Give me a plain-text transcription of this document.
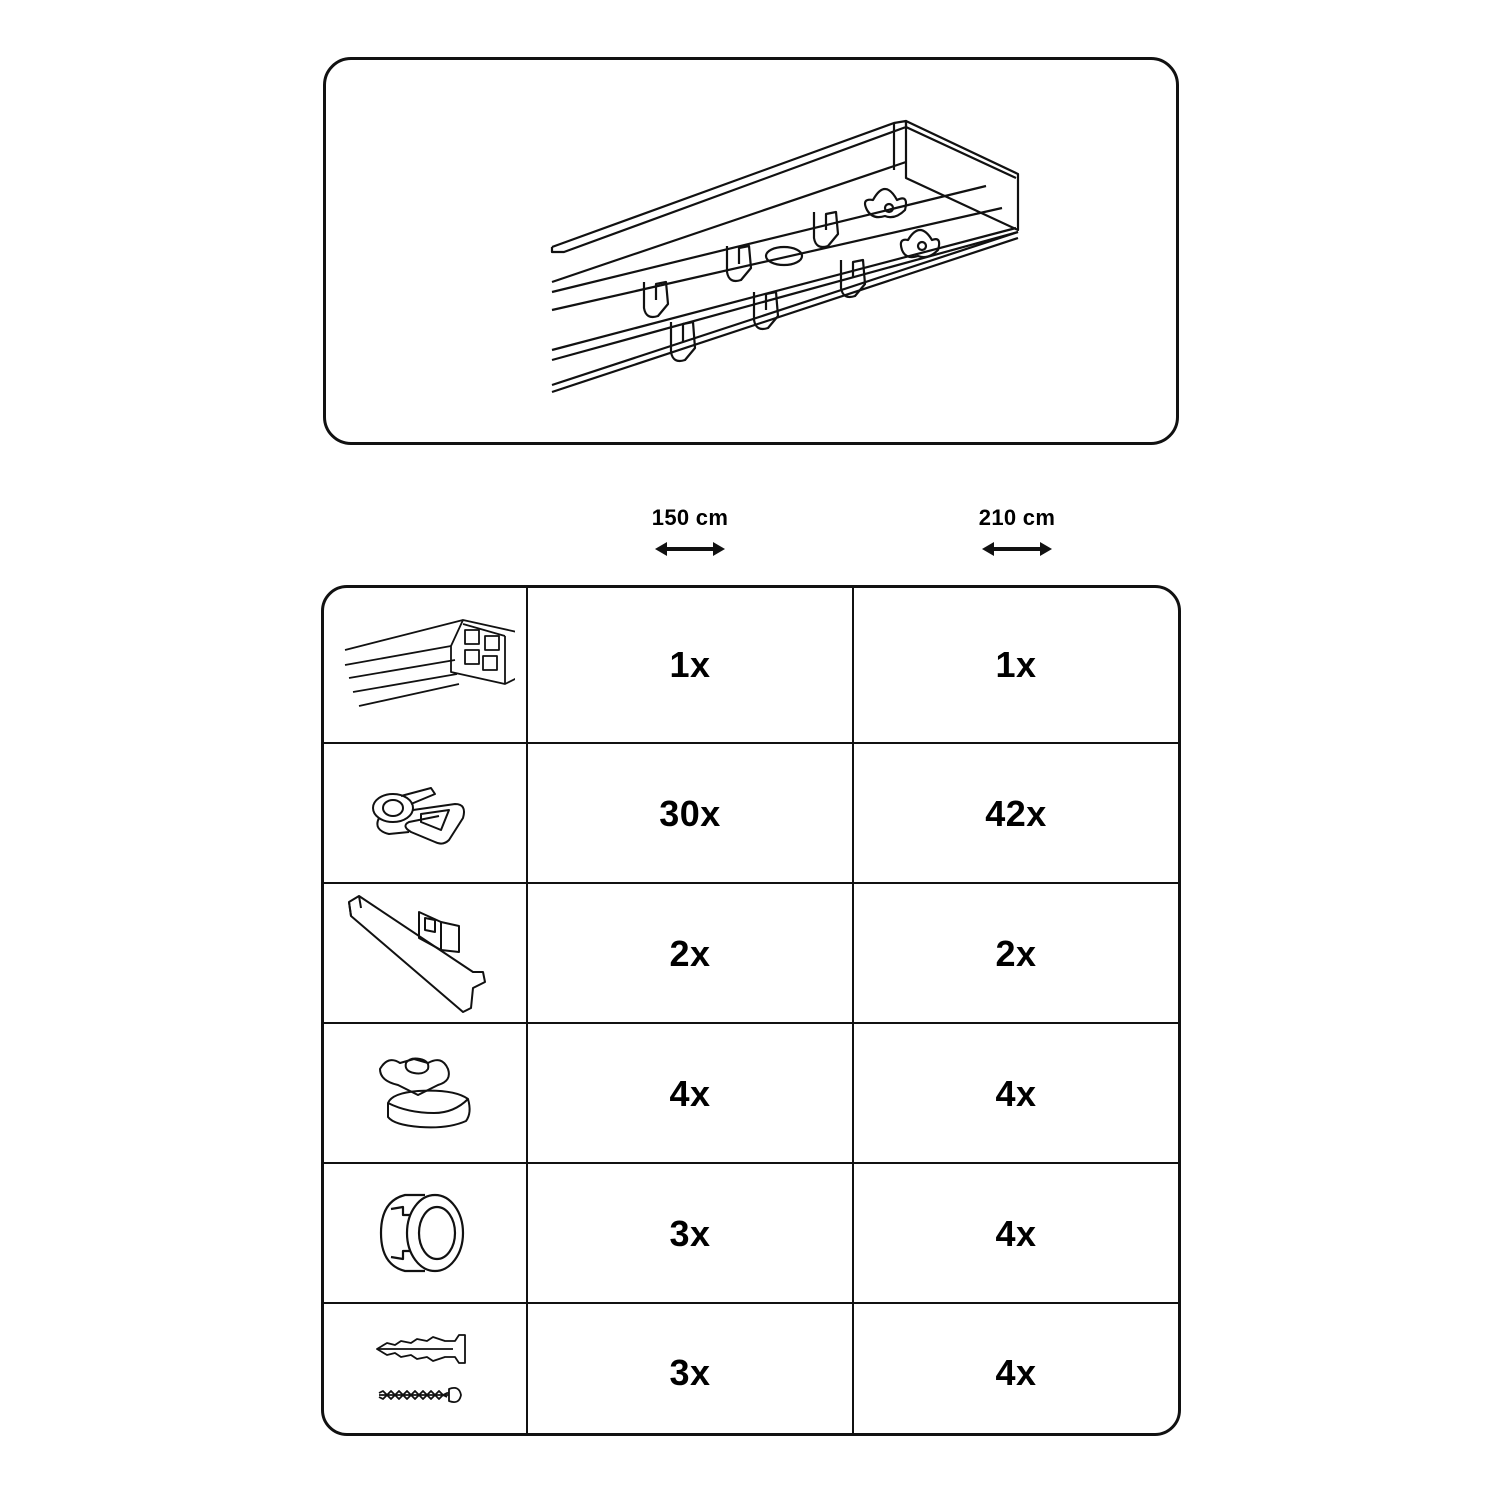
150 cm	210 cm
1x	1x
30x	42x
2x	2x
4x	4x
3x	4x
3x	4x
